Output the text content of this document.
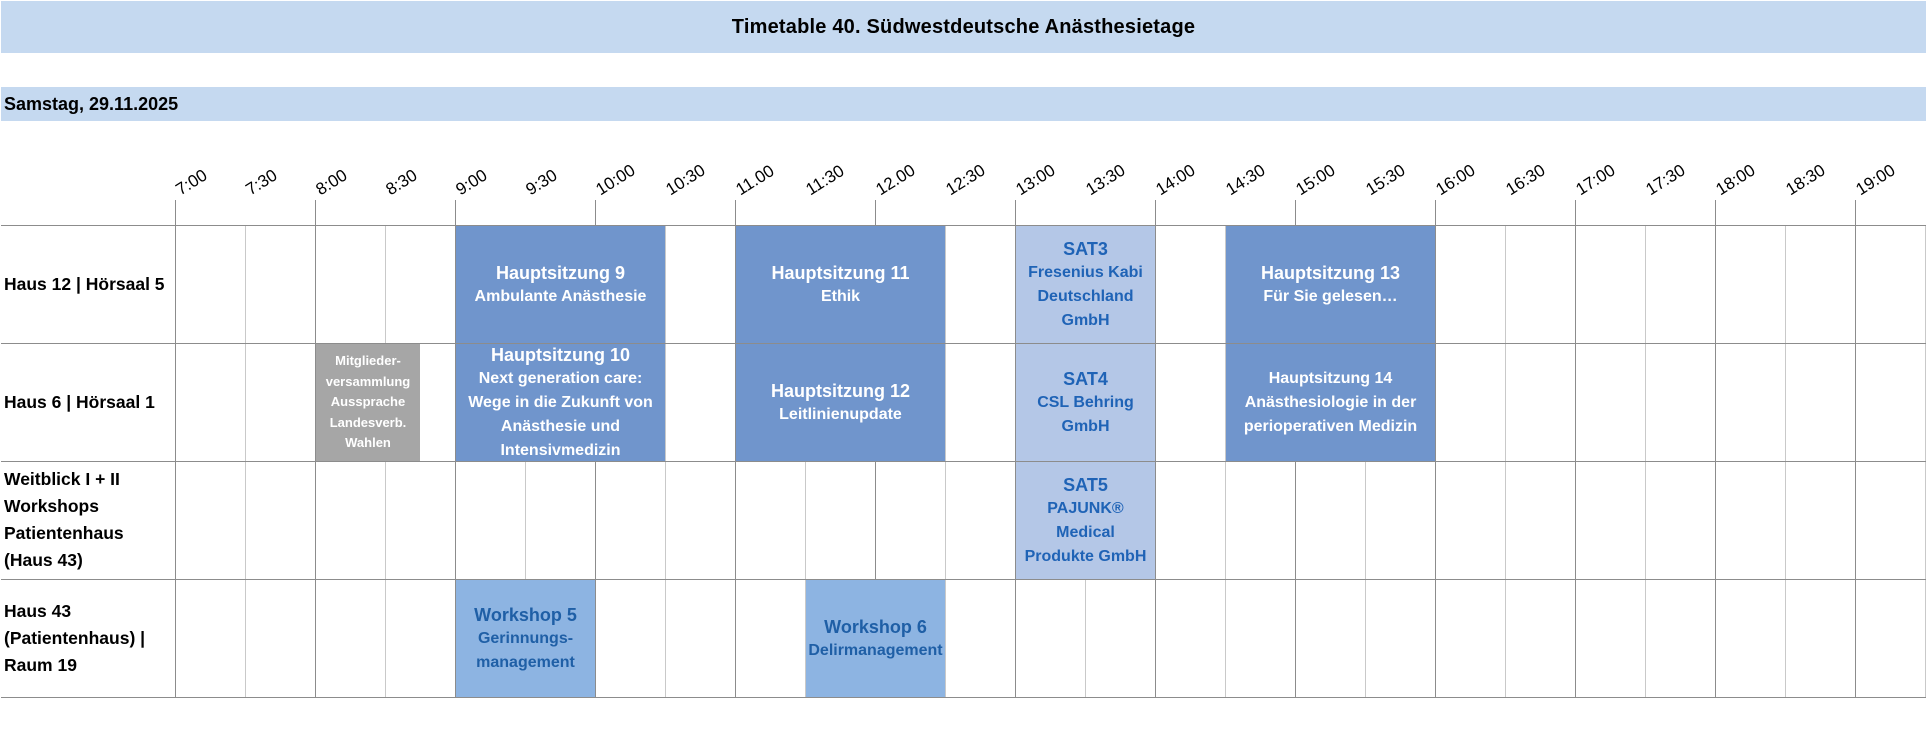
Timetable 40. Südwestdeutsche Anästhesietage
Samstag, 29.11.2025
7:00 7:30 8:00 8:30 9:00 9:30 10:00 10:30 11.00 11:30 12.00 12:30 13:00 13:30 14:00 14:30 15:00 15:30 16:00 16:30 17:00 17:30 18:00 18:30 19:00
Haus 12 | Hörsaal 5
Haus 6 | Hörsaal 1
Weitblick I + II
Workshops
Patientenhaus
(Haus 43)
Haus 43
(Patientenhaus) |
Raum 19
Hauptsitzung 9
Ambulante Anästhesie
Hauptsitzung 11
Ethik
SAT3
Fresenius Kabi
Deutschland
GmbH
Hauptsitzung 13
Für Sie gelesen…
Mitglieder-
versammlung
Aussprache
Landesverb.
Wahlen
Hauptsitzung 10
Next generation care:
Wege in die Zukunft von
Anästhesie und
Intensivmedizin
Hauptsitzung 12
Leitlinienupdate
SAT4
CSL Behring
GmbH
Hauptsitzung 14
Anästhesiologie in der
perioperativen Medizin
SAT5
PAJUNK® Medical
Produkte GmbH
Workshop 5
Gerinnungs-
management
Workshop 6
Delirmanagement
